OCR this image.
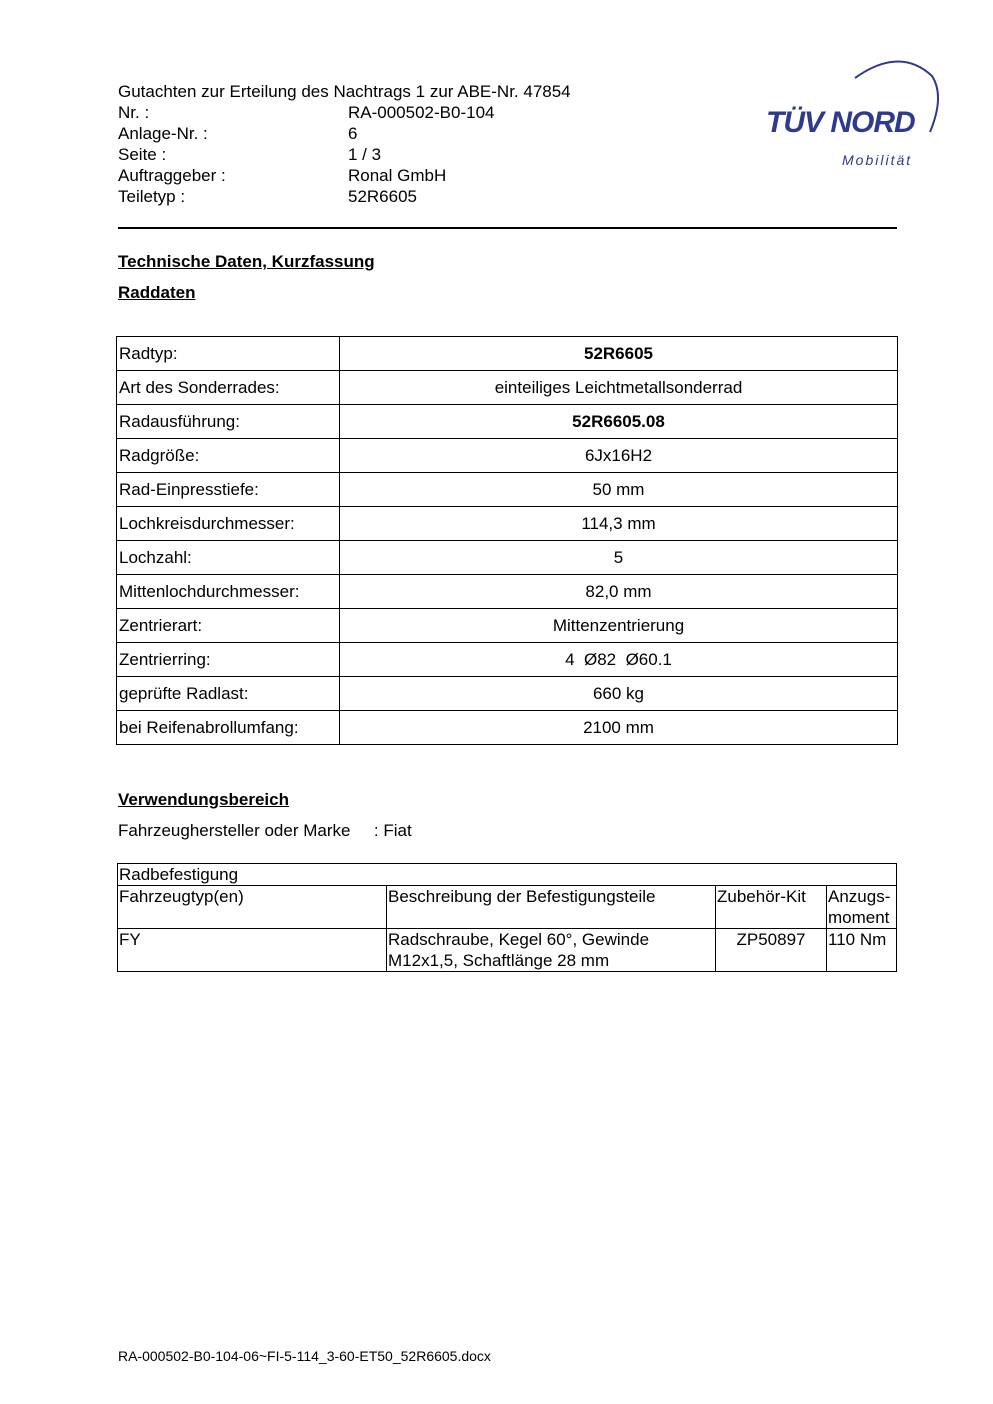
Gutachten zur Erteilung des Nachtrags 1 zur ABE-Nr. 47854
Nr. :	RA-000502-B0-104
Anlage-Nr. :	6
Seite :	1 / 3
Auftraggeber :	Ronal GmbH
Teiletyp :	52R6605
TÜV NORD
Mobilität
Technische Daten, Kurzfassung
Raddaten
Radtyp:	52R6605
Art des Sonderrades:	einteiliges Leichtmetallsonderrad
Radausführung:	52R6605.08
Radgröße:	6Jx16H2
Rad-Einpresstiefe:	50 mm
Lochkreisdurchmesser:	114,3 mm
Lochzahl:	5
Mittenlochdurchmesser:	82,0 mm
Zentrierart:	Mittenzentrierung
Zentrierring:	4  Ø82  Ø60.1
geprüfte Radlast:	660 kg
bei Reifenabrollumfang:	2100 mm
Verwendungsbereich
Fahrzeughersteller oder Marke : Fiat
Radbefestigung			
Fahrzeugtyp(en)	Beschreibung der Befestigungsteile	Zubehör-Kit	Anzugs-
moment
FY	Radschraube, Kegel 60°, Gewinde M12x1,5, Schaftlänge 28 mm	ZP50897	110 Nm
RA-000502-B0-104-06~FI-5-114_3-60-ET50_52R6605.docx
